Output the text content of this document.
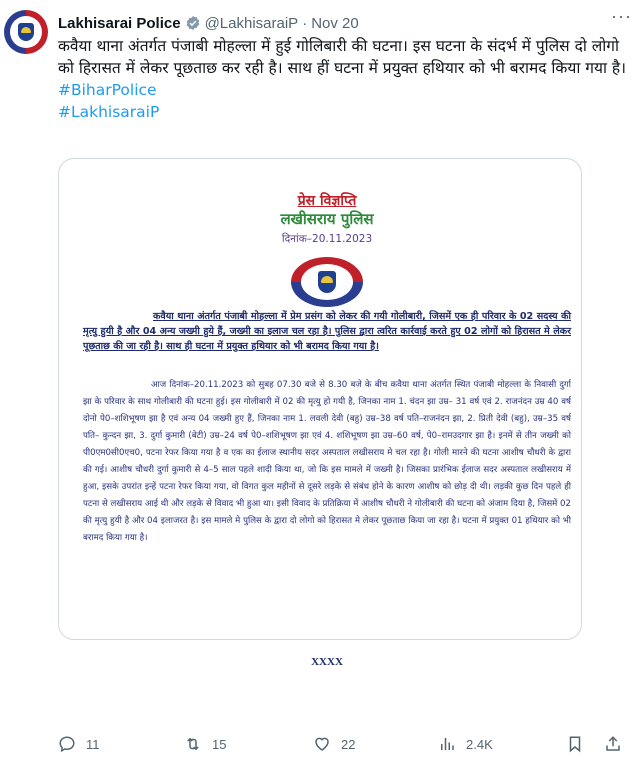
Lakhisarai Police @LakhisaraiP · Nov 20	···

कवैया थाना अंतर्गत पंजाबी मोहल्ला में हुई गोलिबारी की घटना। इस घटना के संदर्भ में पुलिस दो लोगो को हिरासत में लेकर पूछताछ कर रही है। साथ हीं घटना में प्रयुक्त हथियार को भी बरामद किया गया है।

#BiharPolice
#LakhisaraiP
प्रेस विज्ञप्ति
लखीसराय पुलिस
दिनांक–20.11.2023
कवैया थाना अंतर्गत पंजाबी मोहल्ला में प्रेम प्रसंग को लेकर की गयी गोलीबारी, जिसमें एक ही परिवार के 02 सदस्य की मृत्यु हुयी है और 04 अन्य जख्मी हुये हैं, जख्मी का इलाज चल रहा है। पुलिस द्वारा त्वरित कार्रवाई करते हुए 02 लोगों को हिरासत मे लेकर पूछताछ की जा रही है। साथ ही घटना में प्रयुक्त हथियार को भी बरामद किया गया है।
आज दिनांक–20.11.2023 को सुबह 07.30 बजे से 8.30 बजे के बीच कवैया थाना अंतर्गत स्थित पंजाबी मोहल्ला के निवासी दुर्गा झा के परिवार के साथ गोलीबारी की घटना हुई। इस गोलीबारी में 02 की मृत्यु हो गयी है, जिनका नाम 1. चंदन झा उम्र– 31 वर्ष एवं 2. राजनंदन उम्र 40 वर्ष दोनो पे0–शशिभूषण झा है एवं अन्य 04 जख्मी हुए हैं, जिनका नाम 1. लवली देवी (बहु) उम्र–38 वर्ष पति–राजनंदन झा, 2. प्रिती देवी (बहु), उम्र–35 वर्ष पति– कुन्दन झा, 3. दुर्गा कुमारी (बेटी) उम्र–24 वर्ष पे0–शशिभूषण झा एवं 4. शशिभूषण झा उम्र–60 वर्ष, पे0–रामउदगार झा है। इनमें से तीन जख्मी को पी0एम0सी0एच0, पटना रेफर किया गया है व एक का ईलाज स्थानीय सदर अस्पताल लखीसराय मे चल रहा है। गोली मारने की घटना आशीष चौधरी के द्वारा की गई। आशीष चौधरी दुर्गा कुमारी से 4–5 साल पहले शादी किया था, जो कि इस मामले में जख्मी है। जिसका प्रारंभिक ईलाज सदर अस्पताल लखीसराय में हुआ, इसके उपरांत इन्हें पटना रेफर किया गया, वो विगत कुल महीनों से दूसरे लड़के से संबंध होने के कारण आशीष को छोड़ दी थी। लड़की कुछ दिन पहले ही पटना से लखीसराय आई थी और लड़के से विवाद भी हुआ था। इसी विवाद के प्रतिक्रिया में आशीष चौधरी ने गोलीबारी की घटना को अंजाम दिया है, जिसमें 02 की मृत्यु हुयी है और 04 इलाजरत है। इस मामले मे पुलिस के द्वारा दो लोगो को हिरासत मे लेकर पूछताछ किया जा रहा है। घटना में प्रयुक्त 01 हथियार को भी बरामद किया गया है।
XXXX
11	15	22	2.4K
